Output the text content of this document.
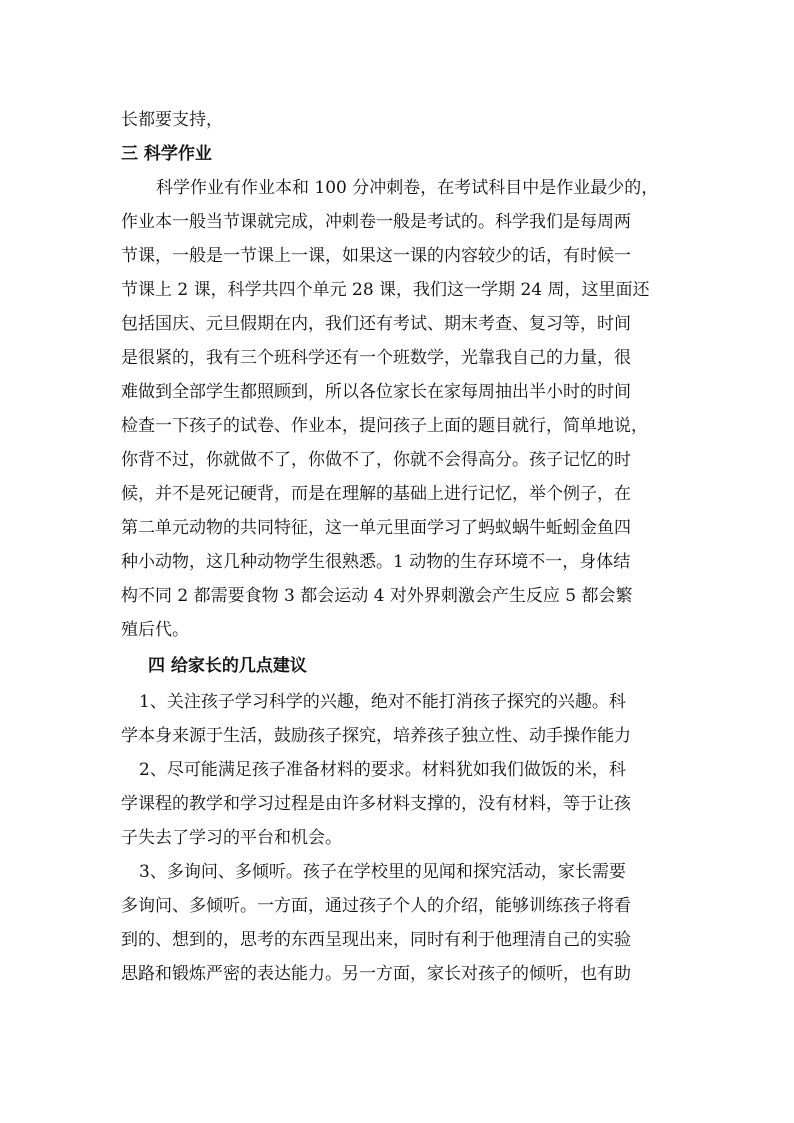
长都要支持，
三 科学作业
科学作业有作业本和 100 分冲刺卷，在考试科目中是作业最少的，
作业本一般当节课就完成，冲刺卷一般是考试的。科学我们是每周两
节课，一般是一节课上一课，如果这一课的内容较少的话，有时候一
节课上 2 课，科学共四个单元 28 课，我们这一学期 24 周，这里面还
包括国庆、元旦假期在内，我们还有考试、期末考查、复习等，时间
是很紧的，我有三个班科学还有一个班数学，光靠我自己的力量，很
难做到全部学生都照顾到，所以各位家长在家每周抽出半小时的时间
检查一下孩子的试卷、作业本，提问孩子上面的题目就行，简单地说，
你背不过，你就做不了，你做不了，你就不会得高分。孩子记忆的时
候，并不是死记硬背，而是在理解的基础上进行记忆，举个例子，在
第二单元动物的共同特征，这一单元里面学习了蚂蚁蜗牛蚯蚓金鱼四
种小动物，这几种动物学生很熟悉。1 动物的生存环境不一，身体结
构不同 2 都需要食物 3 都会运动 4 对外界刺激会产生反应 5 都会繁
殖后代。
四 给家长的几点建议
1、关注孩子学习科学的兴趣，绝对不能打消孩子探究的兴趣。科
学本身来源于生活，鼓励孩子探究，培养孩子独立性、动手操作能力
2、尽可能满足孩子准备材料的要求。材料犹如我们做饭的米，科
学课程的教学和学习过程是由许多材料支撑的，没有材料，等于让孩
子失去了学习的平台和机会。
3、多询问、多倾听。孩子在学校里的见闻和探究活动，家长需要
多询问、多倾听。一方面，通过孩子个人的介绍，能够训练孩子将看
到的、想到的，思考的东西呈现出来，同时有利于他理清自己的实验
思路和锻炼严密的表达能力。另一方面，家长对孩子的倾听，也有助
